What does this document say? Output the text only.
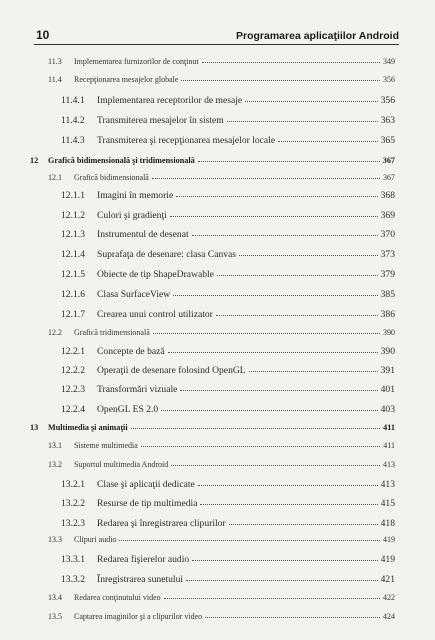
10	Programarea aplicaţiilor Android
11.3	Implementarea furnizorilor de conţinut	349
11.4	Recepţionarea mesajelor globale	356
11.4.1	Implementarea receptorilor de mesaje	356
11.4.2	Transmiterea mesajelor în sistem	363
11.4.3	Transmiterea şi recepţionarea mesajelor locale	365
12	Grafică bidimensională şi tridimensională	367
12.1	Grafică bidimensională	367
12.1.1	Imagini în memorie	368
12.1.2	Culori şi gradienţi	369
12.1.3	Instrumentul de desenat	370
12.1.4	Suprafaţa de desenare: clasa Canvas	373
12.1.5	Obiecte de tip ShapeDrawable	379
12.1.6	Clasa SurfaceView	385
12.1.7	Crearea unui control utilizator	386
12.2	Grafică tridimensională	390
12.2.1	Concepte de bază	390
12.2.2	Operaţii de desenare folosind OpenGL	391
12.2.3	Transformări vizuale	401
12.2.4	OpenGL ES 2.0	403
13	Multimedia şi animaţii	411
13.1	Sisteme multimedia	411
13.2	Suportul multimedia Android	413
13.2.1	Clase şi aplicaţii dedicate	413
13.2.2	Resurse de tip multimedia	415
13.2.3	Redarea şi înregistrarea clipurilor	418
13.3	Clipuri audio	419
13.3.1	Redarea fişierelor audio	419
13.3.2	Înregistrarea sunetului	421
13.4	Redarea conţinutului video	422
13.5	Captarea imaginilor şi a clipurilor video	424
